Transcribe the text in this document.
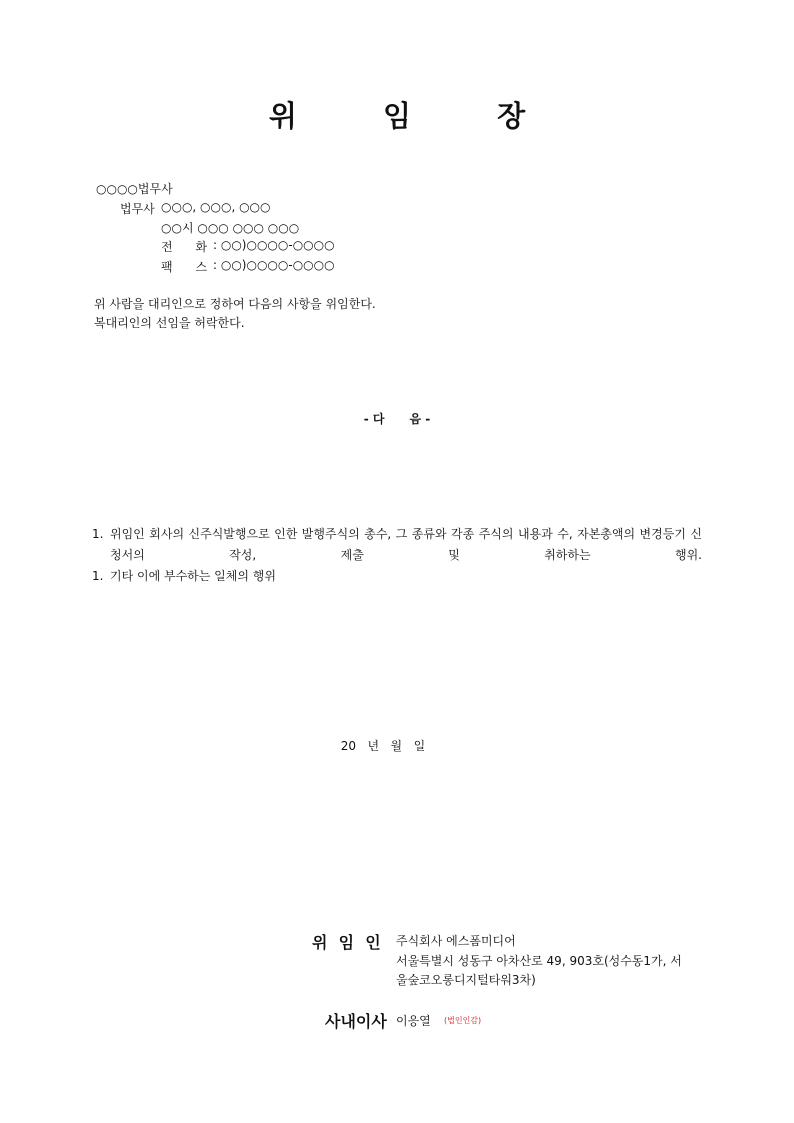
위 임 장
○○○○법무사
법무사 ○○○, ○○○, ○○○
○○시 ○○○ ○○○ ○○○
전      화 : ○○)○○○○-○○○○
팩      스 : ○○)○○○○-○○○○
위 사람을 대리인으로 정하여 다음의 사항을 위임한다.
복대리인의 선임을 허락한다.
- 다      음 -
1. 위임인 회사의 신주식발행으로 인한 발행주식의 총수, 그 종류와 각종 주식의 내용과 수, 자본총액의 변경등기 신청서의 작성, 제출 및 취하하는 행위.
1. 기타 이에 부수하는 일체의 행위
20   년   월   일
위  임  인 주식회사 에스폼미디어
서울특별시 성동구 아차산로 49, 903호(성수동1가, 서
울숲코오롱디지털타워3차)
사내이사 이응열 (법인인감)
